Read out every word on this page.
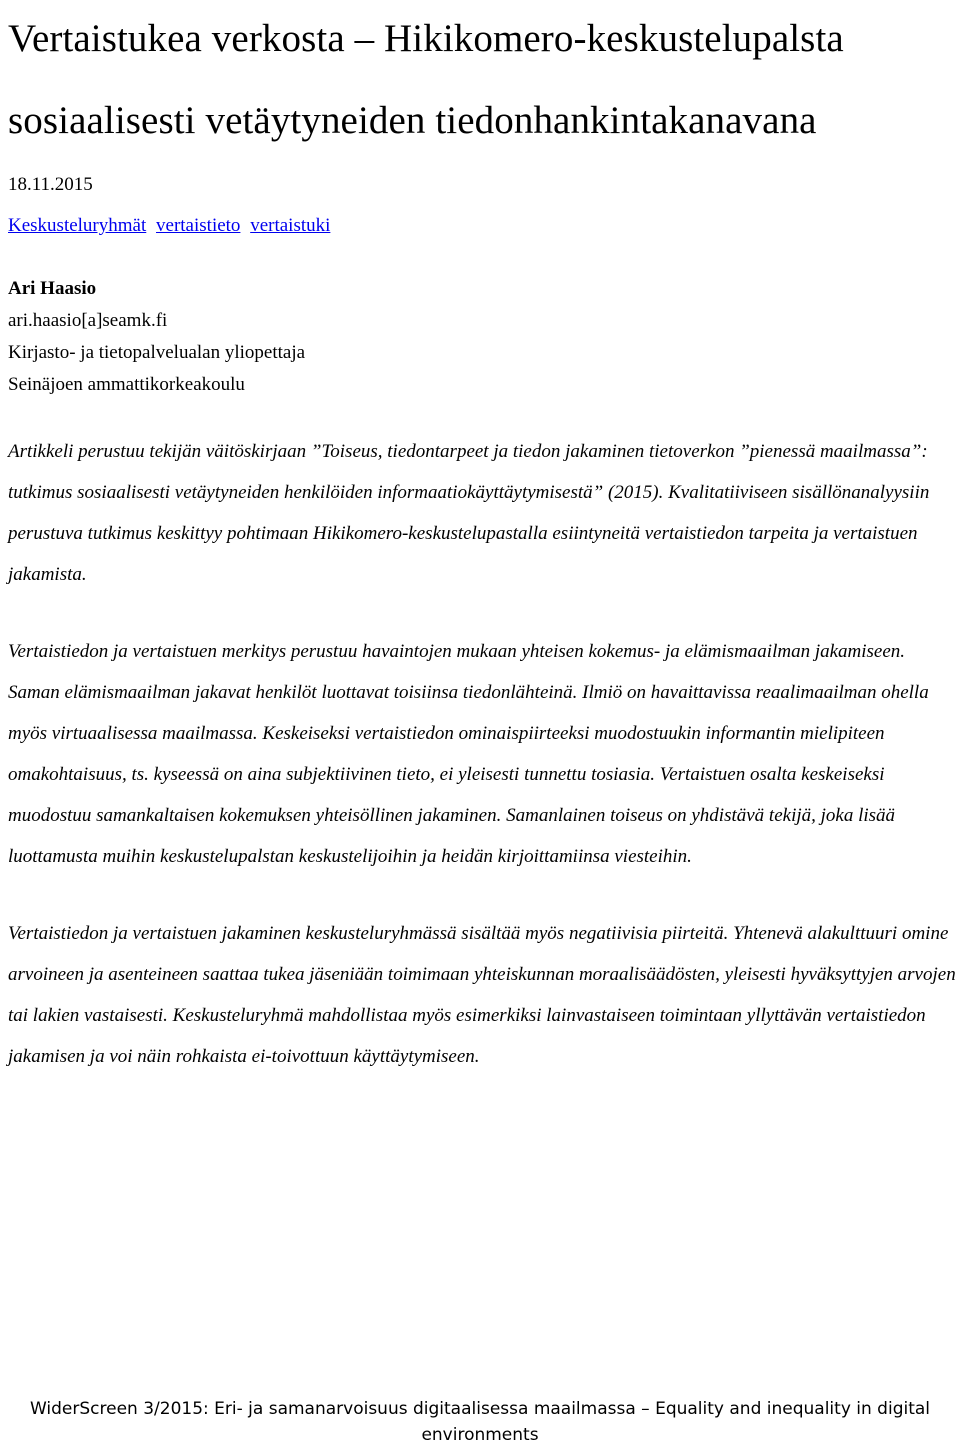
Vertaistukea verkosta – Hikikomero-keskustelupalsta sosiaalisesti vetäytyneiden tiedonhankintakanavana
18.11.2015
Keskusteluryhmät vertaistieto vertaistuki
Ari Haasio
ari.haasio[a]seamk.fi
Kirjasto- ja tietopalvelualan yliopettaja
Seinäjoen ammattikorkeakoulu

Artikkeli perustuu tekijän väitöskirjaan ”Toiseus, tiedontarpeet ja tiedon jakaminen tietoverkon ”pienessä maailmassa”: tutkimus sosiaalisesti vetäytyneiden henkilöiden informaatiokäyttäytymisestä” (2015). Kvalitatiiviseen sisällönanalyysiin perustuva tutkimus keskittyy pohtimaan Hikikomero-keskustelupastalla esiintyneitä vertaistiedon tarpeita ja vertaistuen jakamista.

Vertaistiedon ja vertaistuen merkitys perustuu havaintojen mukaan yhteisen kokemus- ja elämismaailman jakamiseen. Saman elämismaailman jakavat henkilöt luottavat toisiinsa tiedonlähteinä. Ilmiö on havaittavissa reaalimaailman ohella myös virtuaalisessa maailmassa. Keskeiseksi vertaistiedon ominaispiirteeksi muodostuukin informantin mielipiteen omakohtaisuus, ts. kyseessä on aina subjektiivinen tieto, ei yleisesti tunnettu tosiasia. Vertaistuen osalta keskeiseksi muodostuu samankaltaisen kokemuksen yhteisöllinen jakaminen. Samanlainen toiseus on yhdistävä tekijä, joka lisää luottamusta muihin keskustelupalstan keskustelijoihin ja heidän kirjoittamiinsa viesteihin.

Vertaistiedon ja vertaistuen jakaminen keskusteluryhmässä sisältää myös negatiivisia piirteitä. Yhtenevä alakulttuuri omine arvoineen ja asenteineen saattaa tukea jäseniään toimimaan yhteiskunnan moraalisäädösten, yleisesti hyväksyttyjen arvojen tai lakien vastaisesti. Keskusteluryhmä mahdollistaa myös esimerkiksi lainvastaiseen toimintaan yllyttävän vertaistiedon jakamisen ja voi näin rohkaista ei-toivottuun käyttäytymiseen.

WiderScreen 3/2015: Eri- ja samanarvoisuus digitaalisessa maailmassa – Equality and inequality in digital environments
